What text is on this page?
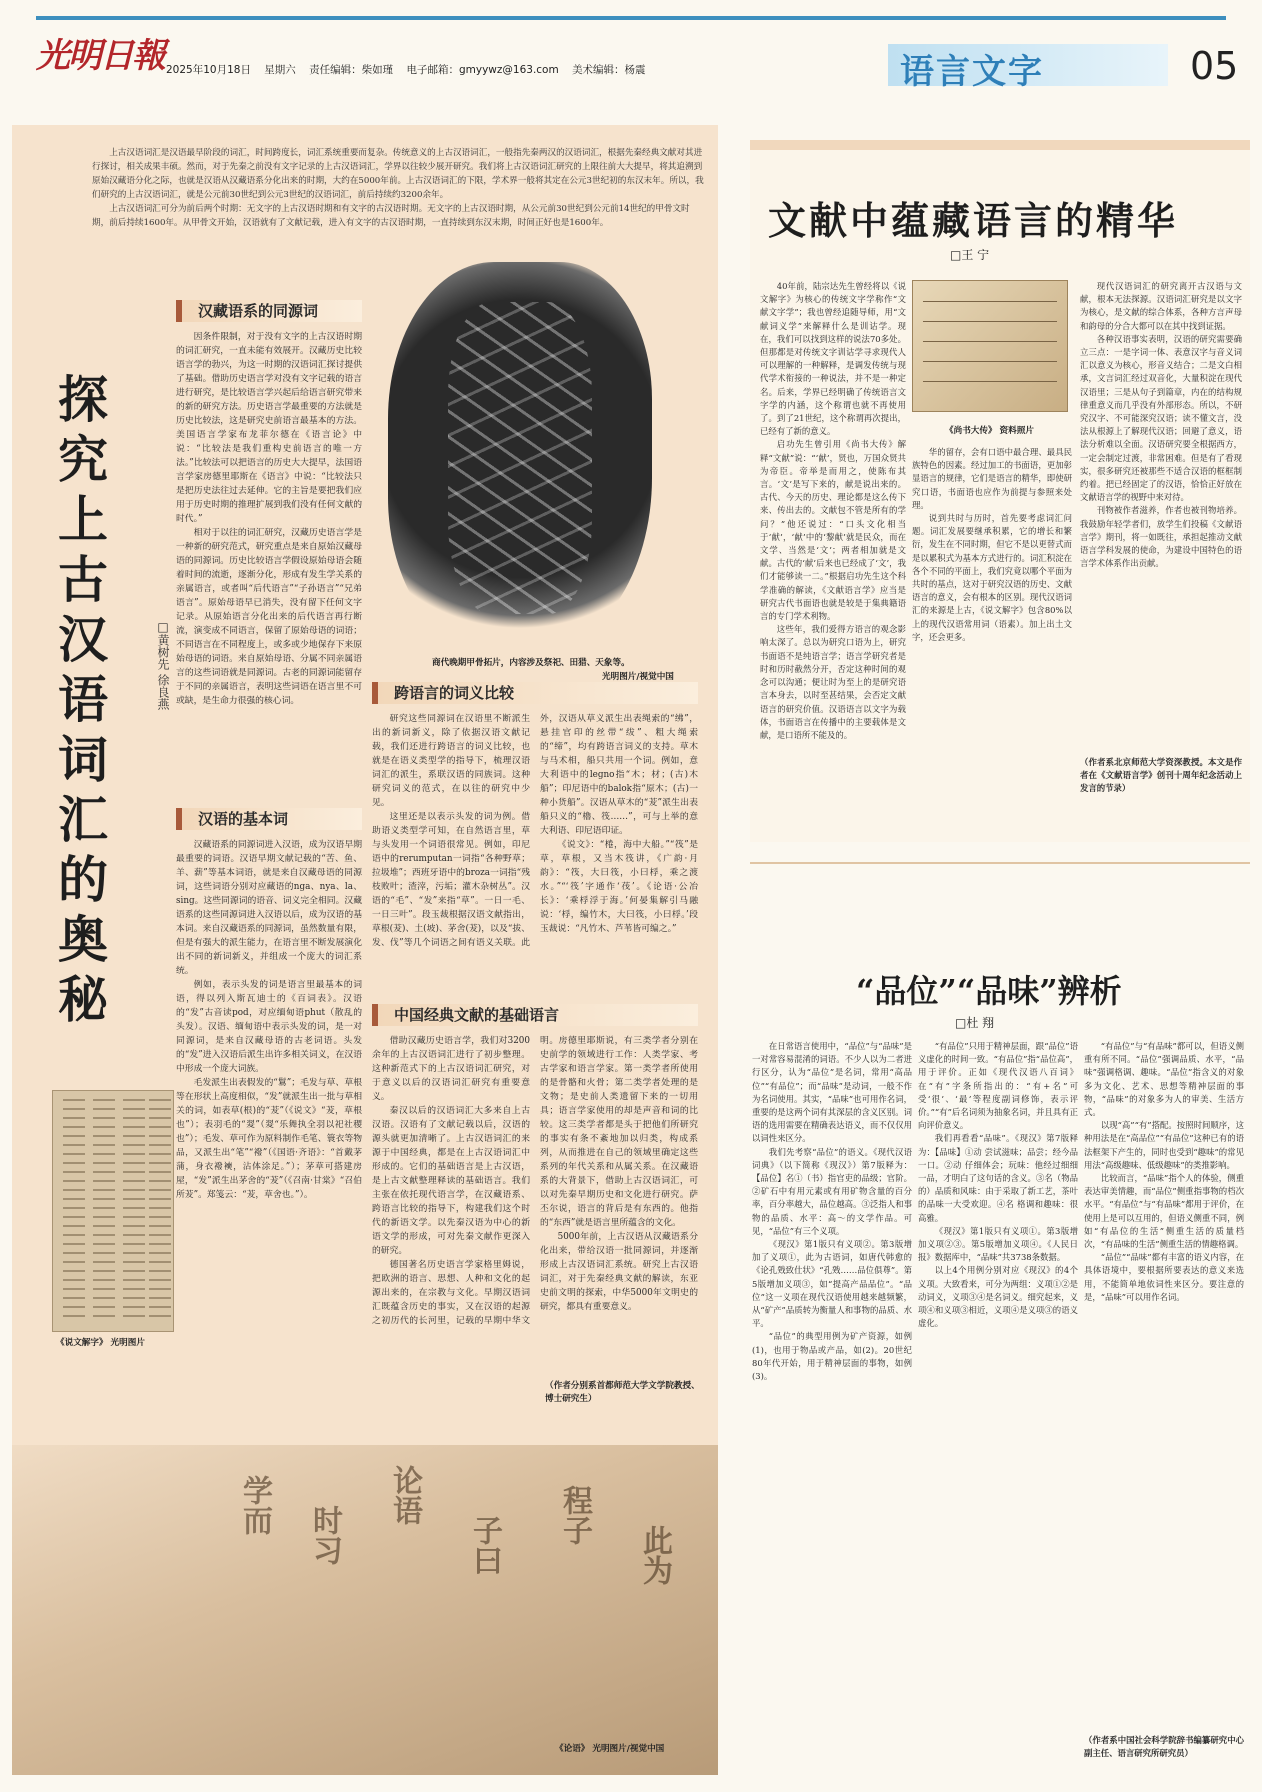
光明日報 2025年10月18日 星期六 责任编辑：柴如瑾 电子邮箱：gmyywz@163.com 美术编辑：杨震	语言文字	05

上古汉语词汇是汉语最早阶段的词汇，时间跨度长，词汇系统重要而复杂。传统意义的上古汉语词汇，一般指先秦两汉的汉语词汇，根据先秦经典文献对其进行探讨，相关成果丰硕。然而，对于先秦之前没有文字记录的上古汉语词汇，学界以往较少展开研究。我们将上古汉语词汇研究的上限往前大大提早，将其追溯到原始汉藏语分化之际，也就是汉语从汉藏语系分化出来的时期，大约在5000年前。上古汉语词汇的下限，学术界一般将其定在公元3世纪初的东汉末年。所以，我们研究的上古汉语词汇，就是公元前30世纪到公元3世纪的汉语词汇，前后持续约3200余年。

上古汉语词汇可分为前后两个时期：无文字的上古汉语时期和有文字的古汉语时期。无文字的上古汉语时期，从公元前30世纪到公元前14世纪的甲骨文时期，前后持续1600年。从甲骨文开始，汉语就有了文献记载，进入有文字的古汉语时期，一直持续到东汉末期，时间正好也是1600年。

探究上古汉语词汇的奥秘
□黄树先 徐良燕
汉藏语系的同源词

因条件限制，对于没有文字的上古汉语时期的词汇研究，一直未能有效展开。汉藏历史比较语言学的勃兴，为这一时期的汉语词汇探讨提供了基础。借助历史语言学对没有文字记载的语言进行研究，是比较语言学兴起后给语言研究带来的新的研究方法。历史语言学最重要的方法就是历史比较法，这是研究史前语言最基本的方法。美国语言学家布龙菲尔德在《语言论》中说：“比较法是我们重构史前语言的唯一方法。”比较法可以把语言的历史大大提早，法国语言学家房德里耶斯在《语言》中说：“比较法只是把历史法往过去延伸。它的主旨是要把我们应用于历史时期的推理扩展到我们没有任何文献的时代。”

相对于以往的词汇研究，汉藏历史语言学是一种新的研究范式，研究重点是来自原始汉藏母语的同源词。历史比较语言学假设原始母语会随着时间的流逝，逐渐分化，形成有发生学关系的亲属语言，或者叫“后代语言”“子孙语言”“兄弟语言”。原始母语早已消失，没有留下任何文字记录。从原始语言分化出来的后代语言再行断流，演变成不同语言，保留了原始母语的词语；不同语言在不同程度上，或多或少地保存下来原始母语的词语。来自原始母语、分属不同亲属语言的这些词语就是同源词。古老的同源词能留存于不同的亲属语言，表明这些词语在语言里不可或缺，是生命力很强的核心词。

商代晚期甲骨拓片，内容涉及祭祀、田猎、天象等。
光明图片/视觉中国
汉语的基本词

汉藏语系的同源词进入汉语，成为汉语早期最重要的词语。汉语早期文献记载的“苦、鱼、羊、薪”等基本词语，就是来自汉藏母语的同源词，这些词语分别对应藏语的nga、nya、la、sing。这些同源词的语音、词义完全相同。汉藏语系的这些同源词进入汉语以后，成为汉语的基本词。来自汉藏语系的同源词，虽然数量有限，但是有强大的派生能力，在语言里不断发展演化出不同的新词新义，并组成一个庞大的词汇系统。

例如，表示头发的词是语言里最基本的词语，得以列入斯瓦迪士的《百词表》。汉语的“发”古音读pod，对应缅甸语phut（散乱的头发）。汉语、缅甸语中表示头发的词，是一对同源词，是来自汉藏母语的古老词语。头发的“发”进入汉语后派生出许多相关词义，在汉语中形成一个庞大词族。

毛发派生出表假发的“鬄”；毛发与草、草根等在形状上高度相似，“发”就派生出一批与草相关的词，如表草(根)的“茇”（《说文》“茇，草根也”）；表羽毛的“翇”（翇“乐舞执全羽以祀社稷也”）；毛发、草可作为原料制作毛笔、簑衣等物品，又派生出“笔”“襏”（《国语·齐语》：“首戴茅蒲，身衣襏襫，沾体涂足。”）；茅草可搭建房屋，“发”派生出茅舍的“茇”（《召南·甘棠》“召伯所茇”。郑笺云：“茇，草舍也。”）。

《说文解字》 光明图片
跨语言的词义比较

研究这些同源词在汉语里不断派生出的新词新义，除了依据汉语文献记载，我们还进行跨语言的词义比较，也就是在语义类型学的指导下，梳理汉语词汇的派生，系联汉语的同族词。这种研究词义的范式，在以往的研究中少见。

这里还是以表示头发的词为例。借助语义类型学可知，在自然语言里，草与头发用一个词语很常见。例如，印尼语中的rerumputan一词指“各种野草；拉圾堆”；西班牙语中的broza一词指“残枝败叶；渣滓，污垢；灌木杂树丛”。汉语的“毛”、“发”来指“草”。一日一毛、一日三叶”。段玉裁根据汉语文献指出，草根(茇)、土(坡)、茅舍(茇)，以及“拔、发、伐”等几个词语之间有语义关联。此外，汉语从草义派生出表绳索的“绋”，悬挂官印的丝带“绂”、粗大绳索的“缔”，均有跨语言词义的支持。草木与马术相，船只共用一个词。例如，意大利语中的legno指“木；材；(古)木船”；印尼语中的balok指“原木；(古)一种小货船”。汉语从草木的“茇”派生出表船只义的“櫓、筏……”，可与上举的意大利语、印尼语印证。

《说文》：“棬，海中大船。”“筏”是草，草根，又当木筏讲，《广韵·月韵》：“筏，大曰筏，小曰桴，乘之渡水。”“‘筏’字通作‘茷’。《论语·公冶长》：‘乘桴浮于海。’何晏集解引马融说：‘桴，编竹木，大曰筏，小曰桴。’段玉裁说：“凡竹木、芦苇皆可编之。”

中国经典文献的基础语言

借助汉藏历史语言学，我们对3200余年的上古汉语词汇进行了初步整理。这种新范式下的上古汉语词汇研究，对于意义以后的汉语词汇研究有重要意义。

秦汉以后的汉语词汇大多来自上古汉语。汉语有了文献记载以后，汉语的源头就更加清晰了。上古汉语词汇的来源于中国经典，都是在上古汉语词汇中形成的。它们的基础语言是上古汉语，是上古文献整理释读的基础语言。我们主张在依托现代语言学，在汉藏语系、跨语言比较的指导下，构建我们这个时代的新语文学。以先秦汉语为中心的新语文学的形成，可对先秦文献作更深入的研究。

德国著名历史语言学家格里姆说，把欧洲的语言、思想、人种和文化的起源出来的，在宗教与文化。早期汉语词汇既蕴含历史的事实，又在汉语的起源之初历代的长河里，记载的早期中华文明。房德里耶斯说，有三类学者分别在史前学的领域进行工作：人类学家、考古学家和语言学家。第一类学者所使用的是骨骼和火骨；第二类学者处理的是文物；是史前人类遗留下来的一切用具；语言学家使用的却是声音和词的比较。这三类学者都是头于把他们所研究的事实有条不紊地加以归类，构成系列，从而推进在自己的领域里确定这些系列的年代关系和从属关系。在汉藏语系的大背景下，借助上古汉语词汇，可以对先秦早期历史和文化进行研究。萨丕尔说，语言的背后是有东西的。他指的“东西”就是语言里所蕴含的文化。

5000年前，上古汉语从汉藏语系分化出来，带给汉语一批同源词，并逐渐形成上古汉语词汇系统。研究上古汉语词汇，对于先秦经典文献的解读，东亚史前文明的探索，中华5000年文明史的研究，都具有重要意义。

（作者分别系首都师范大学文学院教授、博士研究生）
学而 时习
论语
子曰 程子
此为
《论语》 光明图片/视觉中国
文献中蕴藏语言的精华
□王 宁

40年前，陆宗达先生曾经将以《说文解字》为核心的传统文字学称作“文献文字学”；我也曾经追随导师，用“文献词义学”来解释什么是训诂学。现在，我们可以找到这样的说法70多处。但那都是对传统文字训诂学寻求现代人可以理解的一种解释，是调发传统与现代学术衔接的一种说法，并不是一种定名。后来，学界已经明确了传统语言文字学的内涵，这个称谓也就不再使用了。到了21世纪，这个称谓再次提出，已经有了新的意义。

启功先生曾引用《尚书大传》解释“文献”说：“‘献’，贤也，万国众贤共为帝臣。帝举是而用之，使陈布其言。‘文’是写下来的，献是说出来的。古代、今天的历史、理论都是这么传下来、传出去的。文献包不管是所有的学问？”他还说过：“口头文化相当于‘献’，‘献’中的‘黎献’就是民众，而在文学、当然是‘文’；两者相加就是文献。古代的‘献’后来也已经成了‘文’，我们才能够读一二。”根据启功先生这个科学准确的解读，《文献语言学》应当是研究古代书面语也就是较是于集典籍语言的专门学术利物。

这些年，我们爱得方语言的观念影响太深了。总以为研究口语为上，研究书面语不是纯语言学；语言学研究者是时和历时截然分开，否定这种时间的观念可以沟通；便让时为至上的是研究语言本身去，以时至甚结果，会否定文献语言的研究价值。汉语语言以文字为载体，书面语言在传播中的主要载体是文献，是口语所不能及的。

《尚书大传》 资料照片

华的留存，会有口语中最合理、最具民族特色的因素。经过加工的书面语，更加彰显语言的规律，它们是语言的精华，即使研究口语，书面语也应作为前提与参照来处理。

说到共时与历时，首先要考虑词汇问题。词汇发展要继承积累，它的增长和繁衍，发生在不同时期，但它不是以更替式而是以累积式为基本方式进行的。词汇积淀在各个不同的平面上，我们究竟以哪个平面为共时的基点，这对于研究汉语的历史、文献语言的意义，会有根本的区别。现代汉语词汇的来源是上古，《说文解字》包含80%以上的现代汉语常用词（语素）。加上出土文字，还会更多。

现代汉语词汇的研究离开古汉语与文献，根本无法探源。汉语词汇研究是以文字为核心，是文献的综合体系，各种方言声母和韵母的分合大都可以在其中找到证据。

各种汉语事实表明，汉语的研究需要确立三点：一是字词一体、表意汉字与音义词汇以意义为核心，形音义结合；二是文白相承，文言词汇经过双音化，大量积淀在现代汉语里；三是从句子到篇章，内在的结构规律重意义而几乎没有外部形态。所以，不研究汉字、不可能深究汉语；读不懂文言，没法从根源上了解现代汉语；回避了意义，语法分析难以全面。汉语研究要全根据西方，一定会制定过渡，非常困难。但是有了看现实，很多研究还被那些不适合汉语的框框制约着。把已经固定了的汉语，恰恰正好放在文献语言学的视野中来对待。

刊物被作者滋养，作者也被刊物培养。我鼓励年轻学者们，放学生们投稿《文献语言学》期刊，将一如既往，承担起推动文献语言学科发展的使命，为建设中国特色的语言学术体系作出贡献。

（作者系北京师范大学资深教授。本文是作者在《文献语言学》创刊十周年纪念活动上发言的节录）
“品位”“品味”辨析
□杜 翔

在日常语言使用中，“品位”与“品味”是一对常容易混淆的词语。不少人以为二者进行区分，认为“品位”是名词，常用“高品位”“有品位”；而“品味”是动词，一般不作为名词使用。其实，“品味”也可用作名词，重要的是这两个词有其深层的含义区别。词语的选用需要在精确表达语义，而不仅仅用以词性来区分。

我们先考察“品位”的语义。《现代汉语词典》（以下简称《现汉》）第7版释为：【品位】名①（书）指官吏的品级；官阶。②矿石中有用元素或有用矿物含量的百分率，百分率越大，品位越高。③泛指人和事物的品质、水平：高～的文学作品。可见，“品位”有三个义项。

《现汉》第1版只有义项②。第3版增加了义项①，此为古语词，如唐代韩愈的《论孔戣致仕状》“孔戣……品位俱尊”。第5版增加义项③，如“提高产品品位”。“品位”这一义项在现代汉语使用越来越频繁，从“矿产”品质转为衡量人和事物的品质、水平。

“品位”的典型用例为矿产资源，如例(1)，也用于物品或产品，如(2)。20世纪80年代开始，用于精神层面的事物，如例(3)。

“有品位”只用于精神层面，跟“品位”语义虚化的时间一致。“有品位”指“品位高”，用于评价。正如《现代汉语八百词》在“有”字条所指出的：“有+名”可受‘很’、‘最’等程度副词修饰，表示评价。”“有”后名词须为抽象名词，并且具有正向评价意义。

我们再看看“品味”。《现汉》第7版释为：【品味】①动 尝试滋味；品尝；经今品一口。②动 仔细体会；玩味：他经过细细一品，才明白了这句话的含义。③名（物品的）品质和风味：由于采取了新工艺，茶叶的品味一大受欢迎。④名 格调和趣味：很高雅。

《现汉》第1版只有义项①。第3版增加义项②③。第5版增加义项④。《人民日报》数据库中，“品味”共3738条数据。

以上4个用例分别对应《现汉》的4个义项。大致看来，可分为两组：义项①②是动词义，义项③④是名词义。细究起来，义项④和义项③相近，义项④是义项③的语义虚化。

“有品位”与“有品味”都可以，但语义侧重有所不同。“品位”强调品质、水平，“品味”强调格调、趣味。“品位”指含义的对象多为文化、艺术、思想等精神层面的事物，“品味”的对象多为人的审美、生活方式。

以现“高”“有”搭配。按照时间顺序，这种用法是在“高品位”“有品位”这种已有的语法框架下产生的，同时也受到“趣味”的常见用法“高级趣味、低级趣味”的类推影响。

比较而言，“品味”指个人的体验，侧重表达审美情趣，而“品位”侧重指事物的档次水平。“有品位”与“有品味”都用于评价，在使用上是可以互用的，但语义侧重不同，例如“有品位的生活”侧重生活的质量档次，“有品味的生活”侧重生活的情趣格调。

“品位”“品味”都有丰富的语义内容，在具体语境中，要根据所要表达的意义来选用，不能简单地依词性来区分。要注意的是，“品味”可以用作名词。

（作者系中国社会科学院辞书编纂研究中心副主任、语言研究所研究员）
